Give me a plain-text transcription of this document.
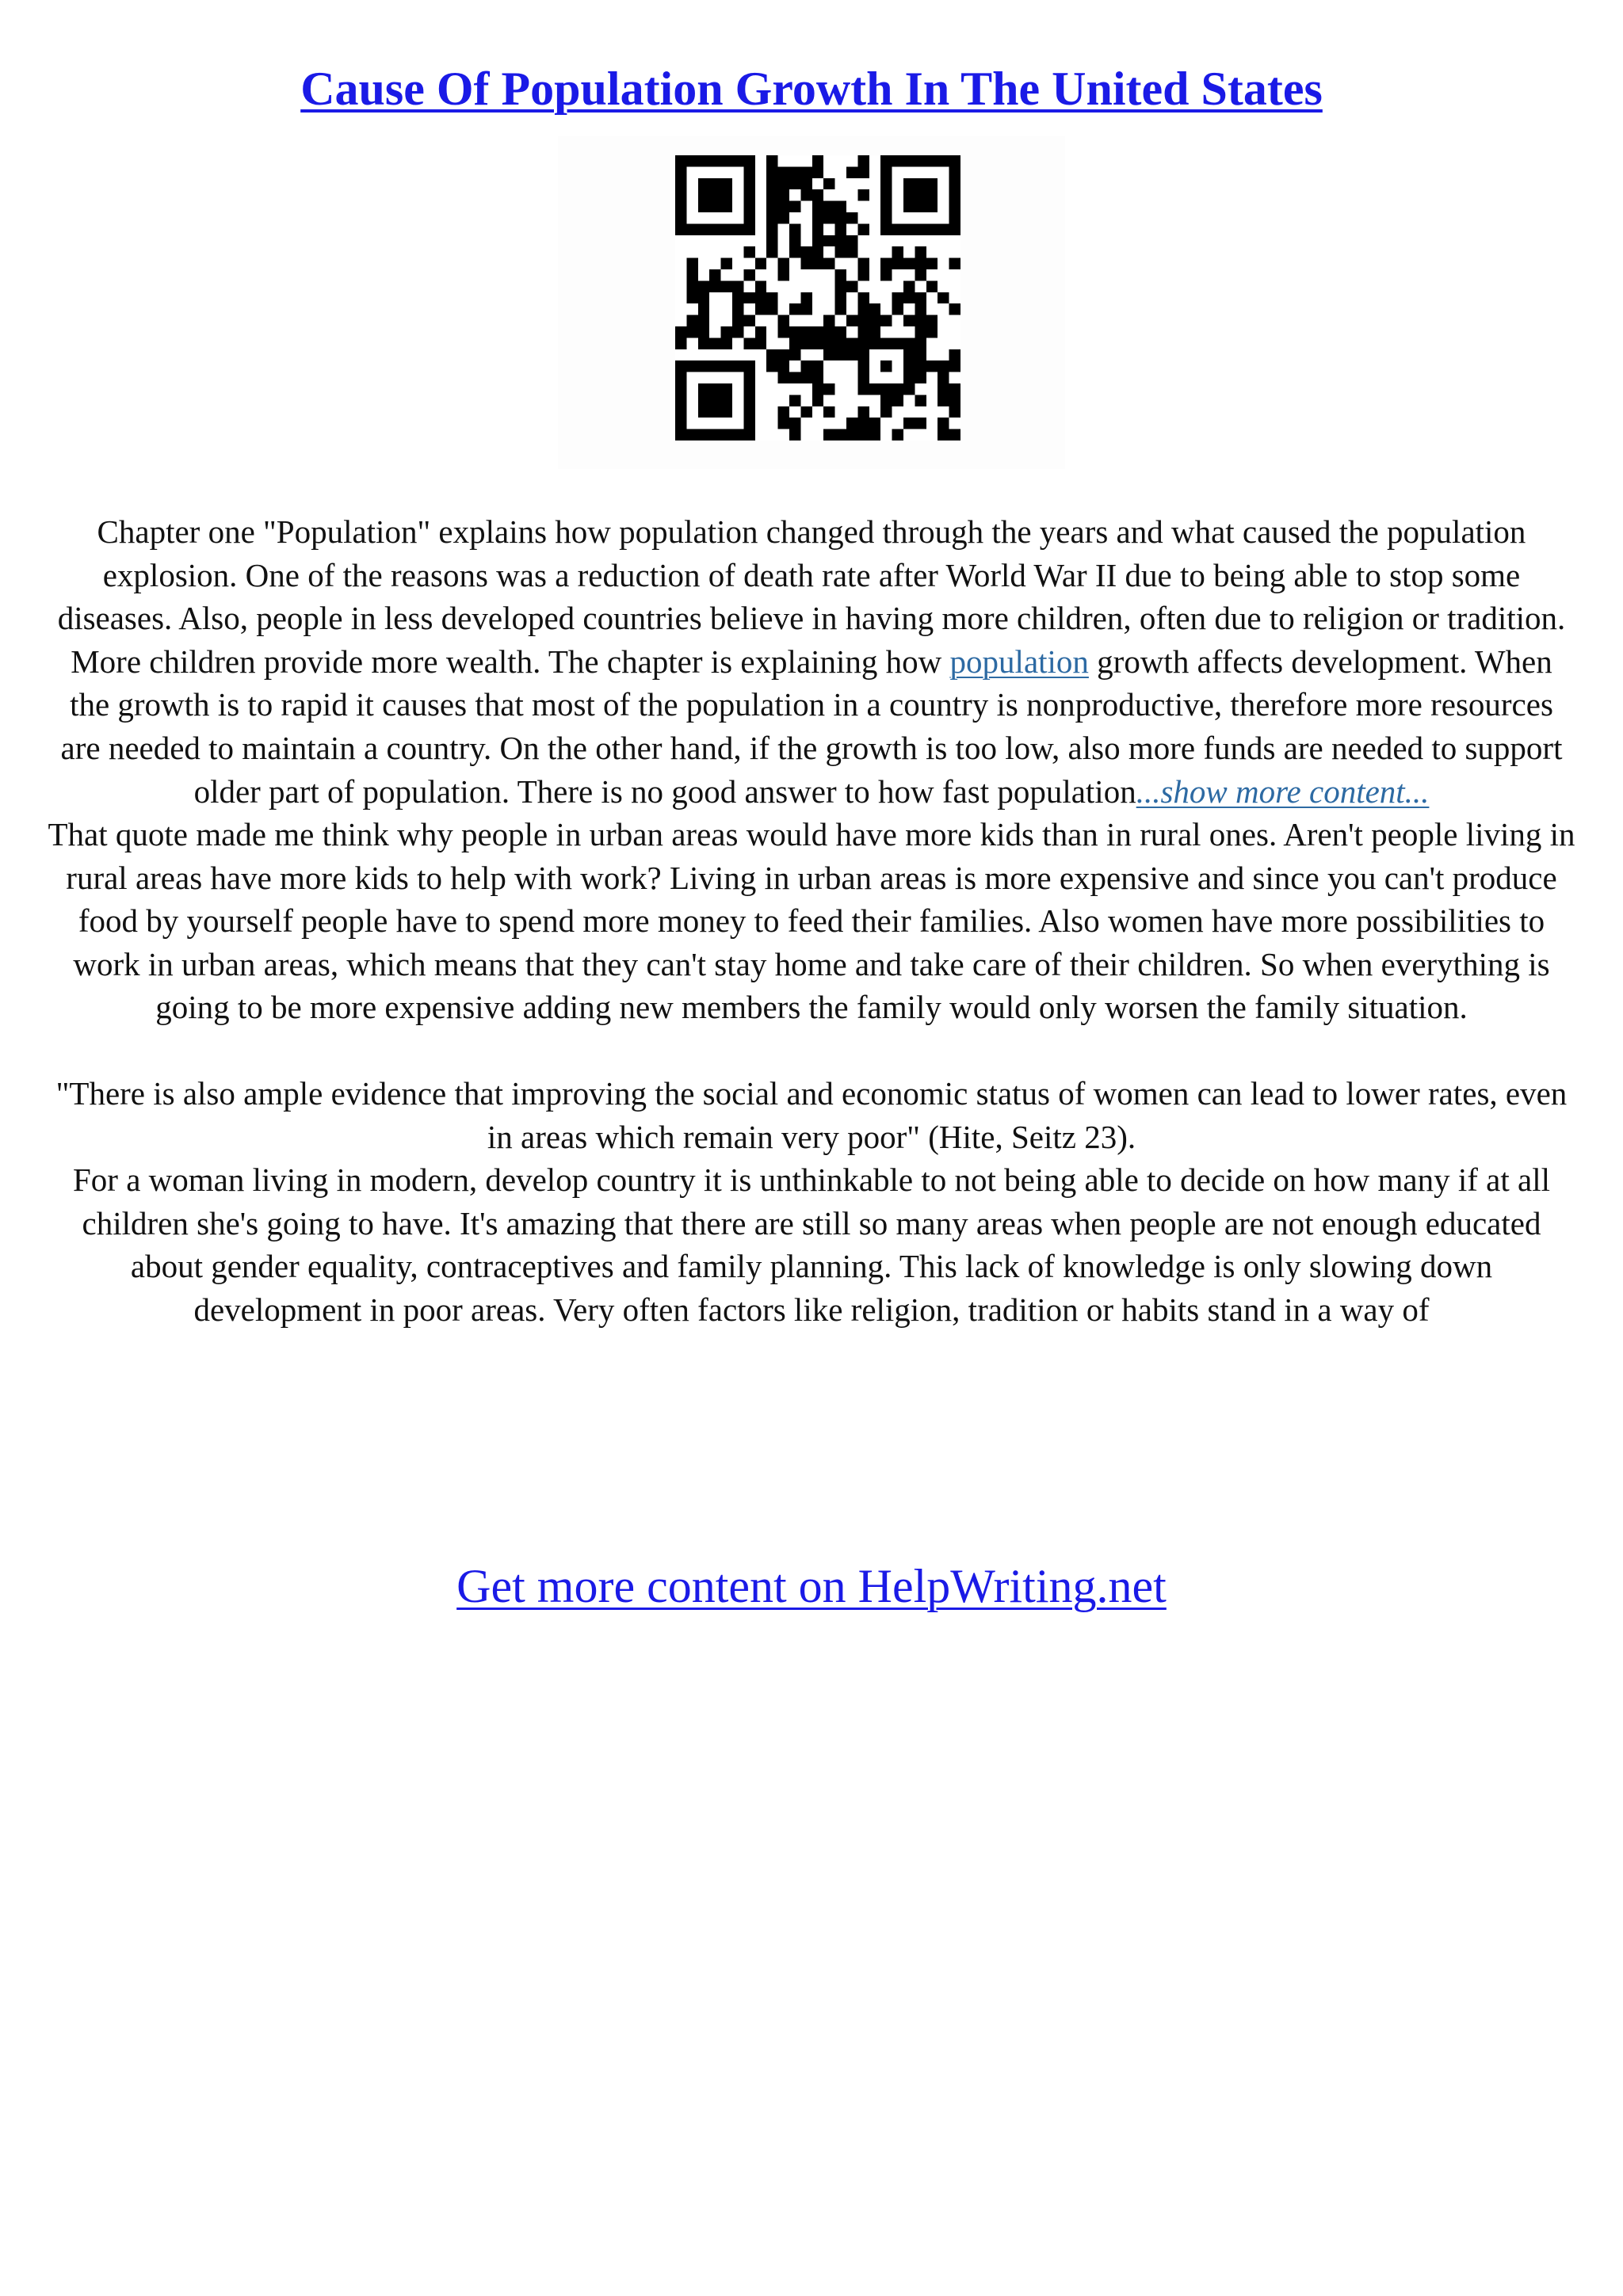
Cause Of Population Growth In The United States
Chapter one "Population" explains how population changed through the years and what caused the population explosion. One of the reasons was a reduction of death rate after World War II due to being able to stop some diseases. Also, people in less developed countries believe in having more children, often due to religion or tradition. More children provide more wealth. The chapter is explaining how population growth affects development. When the growth is to rapid it causes that most of the population in a country is nonproductive, therefore more resources are needed to maintain a country. On the other hand, if the growth is too low, also more funds are needed to support older part of population. There is no good answer to how fast population...show more content...
That quote made me think why people in urban areas would have more kids than in rural ones. Aren't people living in rural areas have more kids to help with work? Living in urban areas is more expensive and since you can't produce food by yourself people have to spend more money to feed their families. Also women have more possibilities to work in urban areas, which means that they can't stay home and take care of their children. So when everything is going to be more expensive adding new members the family would only worsen the family situation.
"There is also ample evidence that improving the social and economic status of women can lead to lower rates, even in areas which remain very poor" (Hite, Seitz 23).
For a woman living in modern, develop country it is unthinkable to not being able to decide on how many if at all children she's going to have. It's amazing that there are still so many areas when people are not enough educated about gender equality, contraceptives and family planning. This lack of knowledge is only slowing down development in poor areas. Very often factors like religion, tradition or habits stand in a way of
Get more content on HelpWriting.net
